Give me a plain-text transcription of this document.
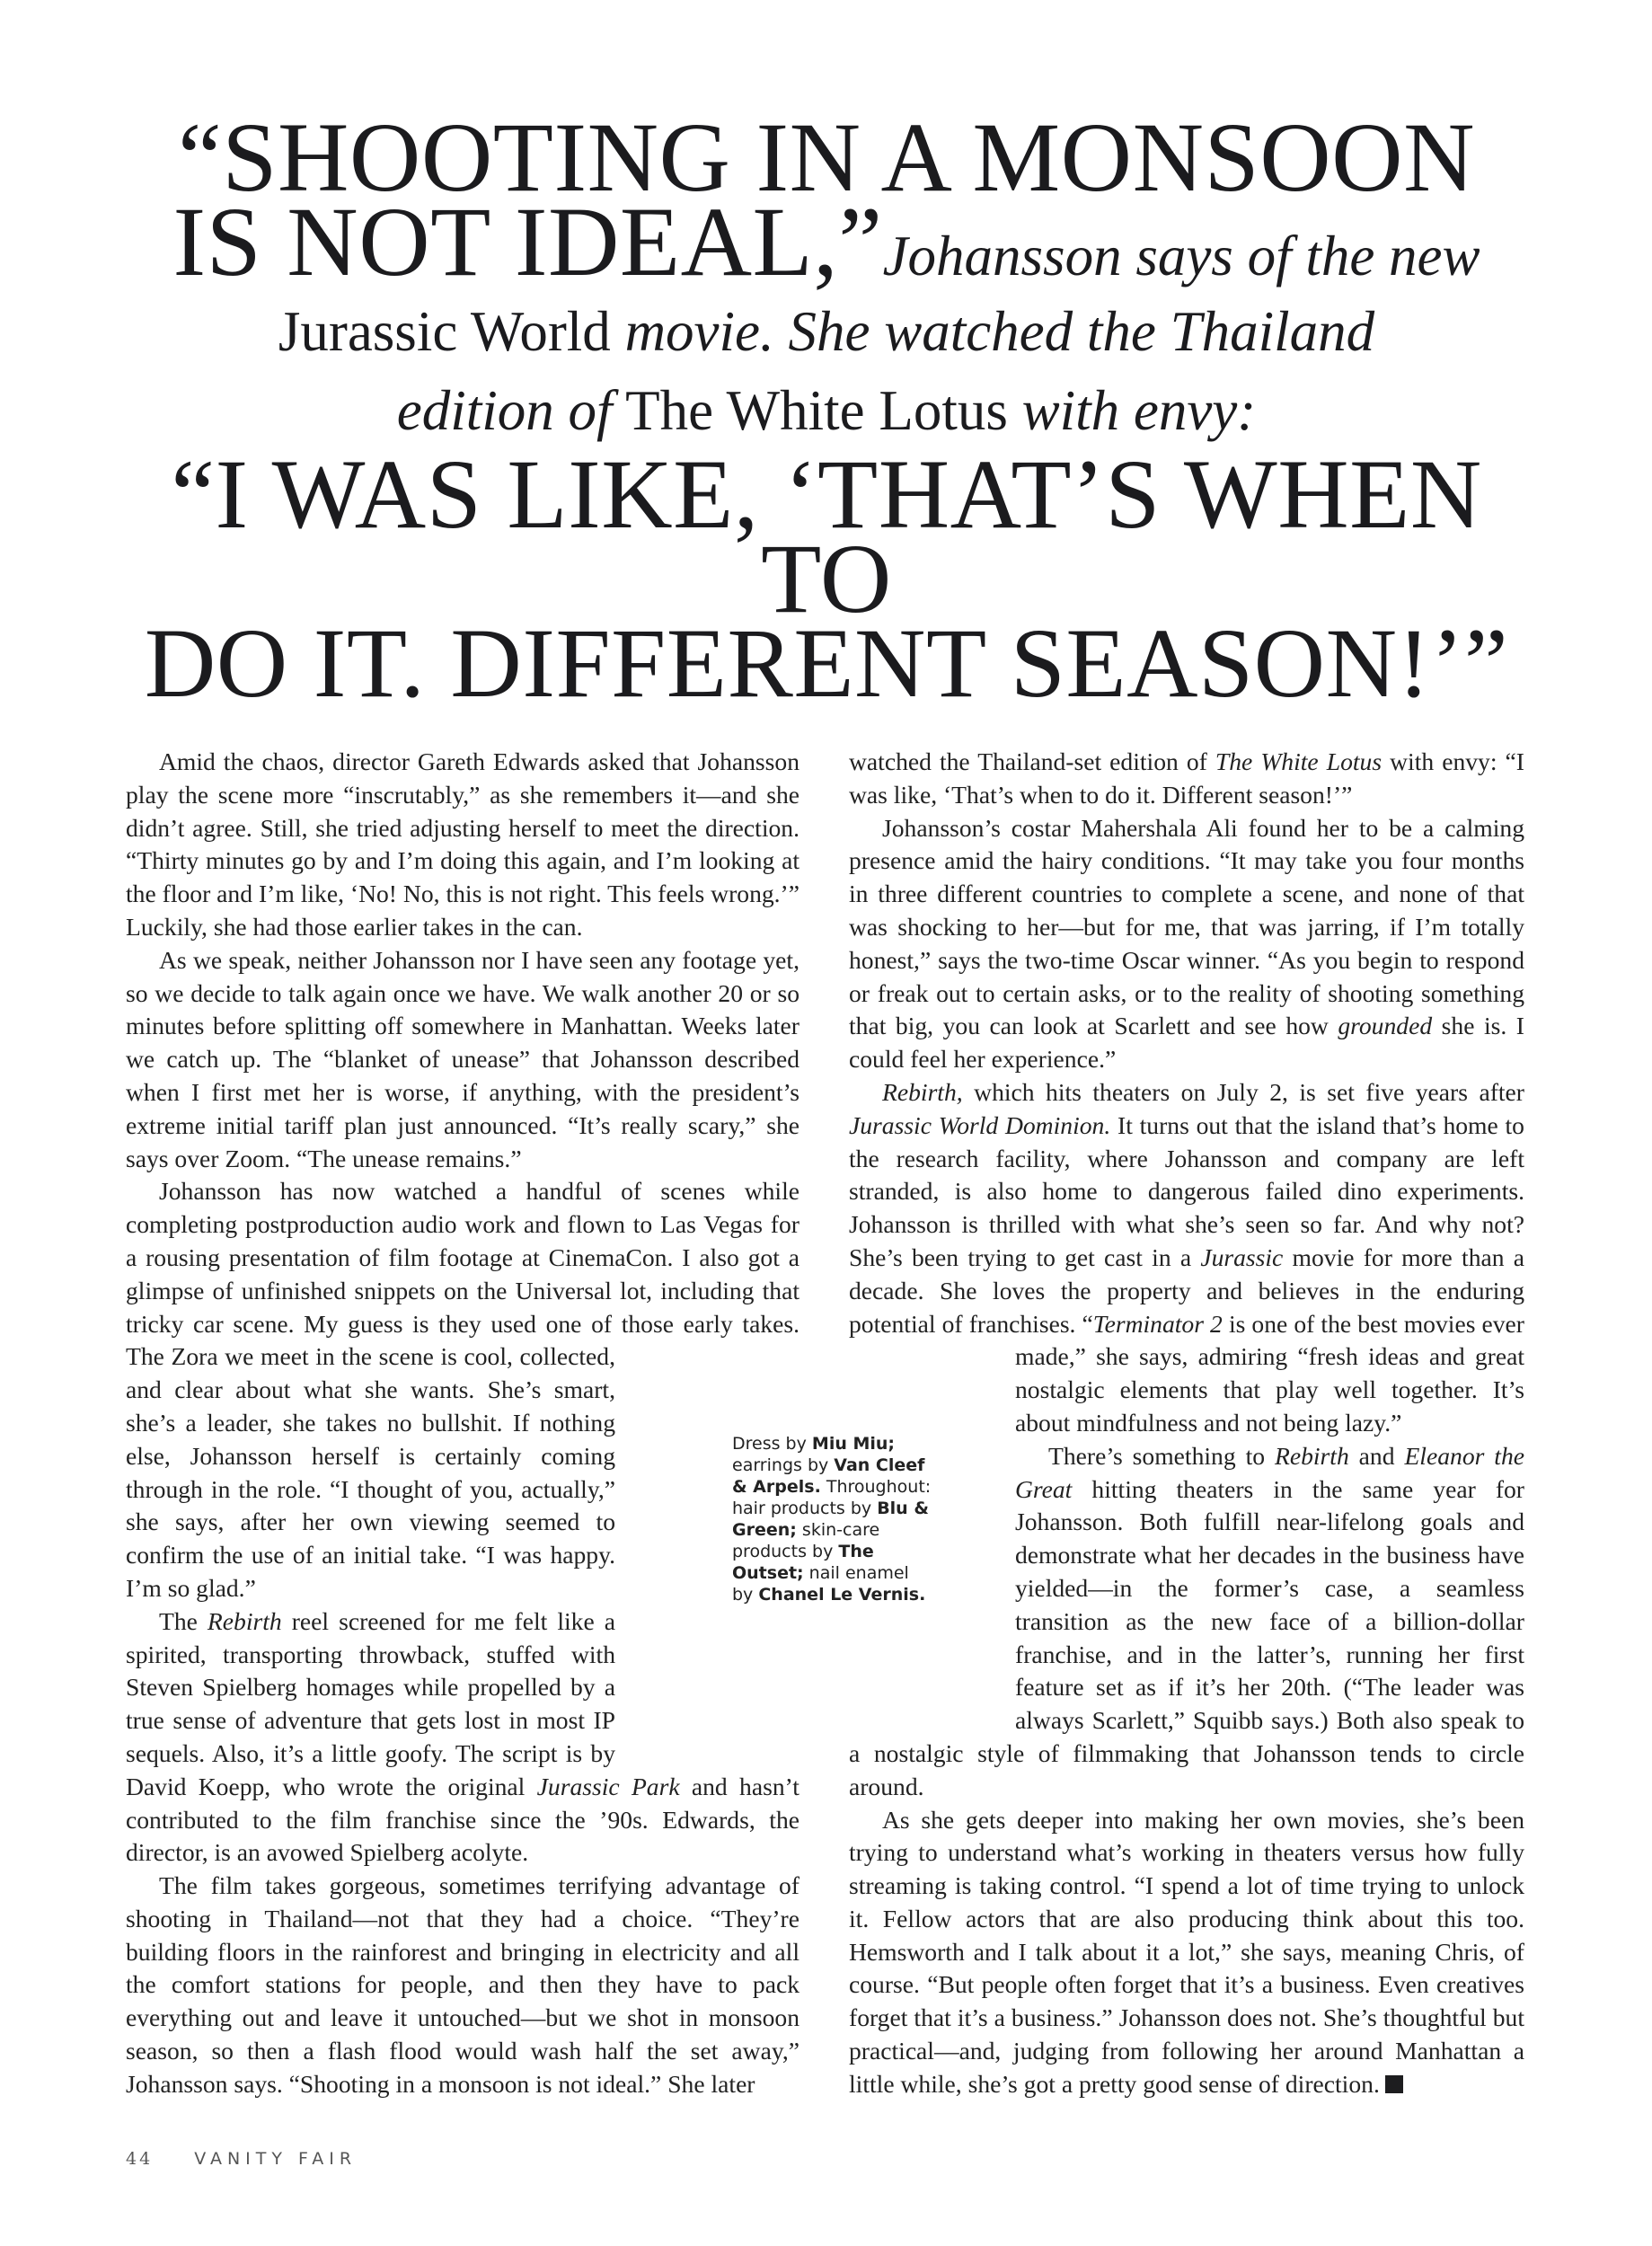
“SHOOTING IN A MONSOON
IS NOT IDEAL,”Johansson says of the new
Jurassic World movie. She watched the Thailand
edition of The White Lotus with envy:
“I WAS LIKE, ‘THAT’S WHEN TO
DO IT. DIFFERENT SEASON!’”

Amid the chaos, director Gareth Edwards asked that Johansson play the scene more “inscrutably,” as she remembers it—and she didn’t agree. Still, she tried adjusting herself to meet the direction. “Thirty minutes go by and I’m doing this again, and I’m looking at the floor and I’m like, ‘No! No, this is not right. This feels wrong.’” Luckily, she had those earlier takes in the can.

As we speak, neither Johansson nor I have seen any footage yet, so we decide to talk again once we have. We walk another 20 or so minutes before splitting off somewhere in Manhattan. Weeks later we catch up. The “blanket of unease” that Johansson described when I first met her is worse, if anything, with the president’s extreme initial tariff plan just announced. “It’s really scary,” she says over Zoom. “The unease remains.”

Johansson has now watched a handful of scenes while completing postproduction audio work and flown to Las Vegas for a rousing presentation of film footage at CinemaCon. I also got a glimpse of unfinished snippets on the Universal lot, including that tricky car scene. My guess is they used one of those early takes. The Zora we meet in the scene is cool, collected, and clear about what she wants. She’s smart, she’s a leader, she takes no bullshit. If nothing else, Johansson herself is certainly coming through in the role. “I thought of you, actually,” she says, after her own viewing seemed to confirm the use of an initial take. “I was happy. I’m so glad.”

The Rebirth reel screened for me felt like a spirited, transporting throwback, stuffed with Steven Spielberg homages while propelled by a true sense of adventure that gets lost in most IP sequels. Also, it’s a little goofy. The script is by David Koepp, who wrote the original Jurassic Park and hasn’t contributed to the film franchise since the ’90s. Edwards, the director, is an avowed Spielberg acolyte.

The film takes gorgeous, sometimes terrifying advantage of shooting in Thailand—not that they had a choice. “They’re building floors in the rainforest and bringing in electricity and all the comfort stations for people, and then they have to pack everything out and leave it untouched—but we shot in monsoon season, so then a flash flood would wash half the set away,” Johansson says. “Shooting in a monsoon is not ideal.” She later

watched the Thailand-set edition of The White Lotus with envy: “I was like, ‘That’s when to do it. Different season!’”

Johansson’s costar Mahershala Ali found her to be a calming presence amid the hairy conditions. “It may take you four months in three different countries to complete a scene, and none of that was shocking to her—but for me, that was jarring, if I’m totally honest,” says the two-time Oscar winner. “As you begin to respond or freak out to certain asks, or to the reality of shooting something that big, you can look at Scarlett and see how grounded she is. I could feel her experience.”

Rebirth, which hits theaters on July 2, is set five years after Jurassic World Dominion. It turns out that the island that’s home to the research facility, where Johansson and company are left stranded, is also home to dangerous failed dino experiments. Johansson is thrilled with what she’s seen so far. And why not? She’s been trying to get cast in a Jurassic movie for more than a decade. She loves the property and believes in the enduring potential of franchises. “Terminator 2 is one of the best movies ever made,” she says, admiring “fresh ideas and great nostalgic elements that play well together. It’s about mindfulness and not being lazy.”

There’s something to Rebirth and Eleanor the Great hitting theaters in the same year for Johansson. Both fulfill near-lifelong goals and demonstrate what her decades in the business have yielded—in the former’s case, a seamless transition as the new face of a billion-dollar franchise, and in the latter’s, running her first feature set as if it’s her 20th. (“The leader was always Scarlett,” Squibb says.) Both also speak to a nostalgic style of filmmaking that Johansson tends to circle around.

As she gets deeper into making her own movies, she’s been trying to understand what’s working in theaters versus how fully streaming is taking control. “I spend a lot of time trying to unlock it. Fellow actors that are also producing think about this too. Hemsworth and I talk about it a lot,” she says, meaning Chris, of course. “But people often forget that it’s a business. Even creatives forget that it’s a business.” Johansson does not. She’s thoughtful but practical—and, judging from following her around Manhattan a little while, she’s got a pretty good sense of direction.

Dress by Miu Miu; earrings by Van Cleef & Arpels. Throughout: hair products by Blu & Green; skin-care products by The Outset; nail enamel by Chanel Le Vernis.
44 VANITY FAIR
